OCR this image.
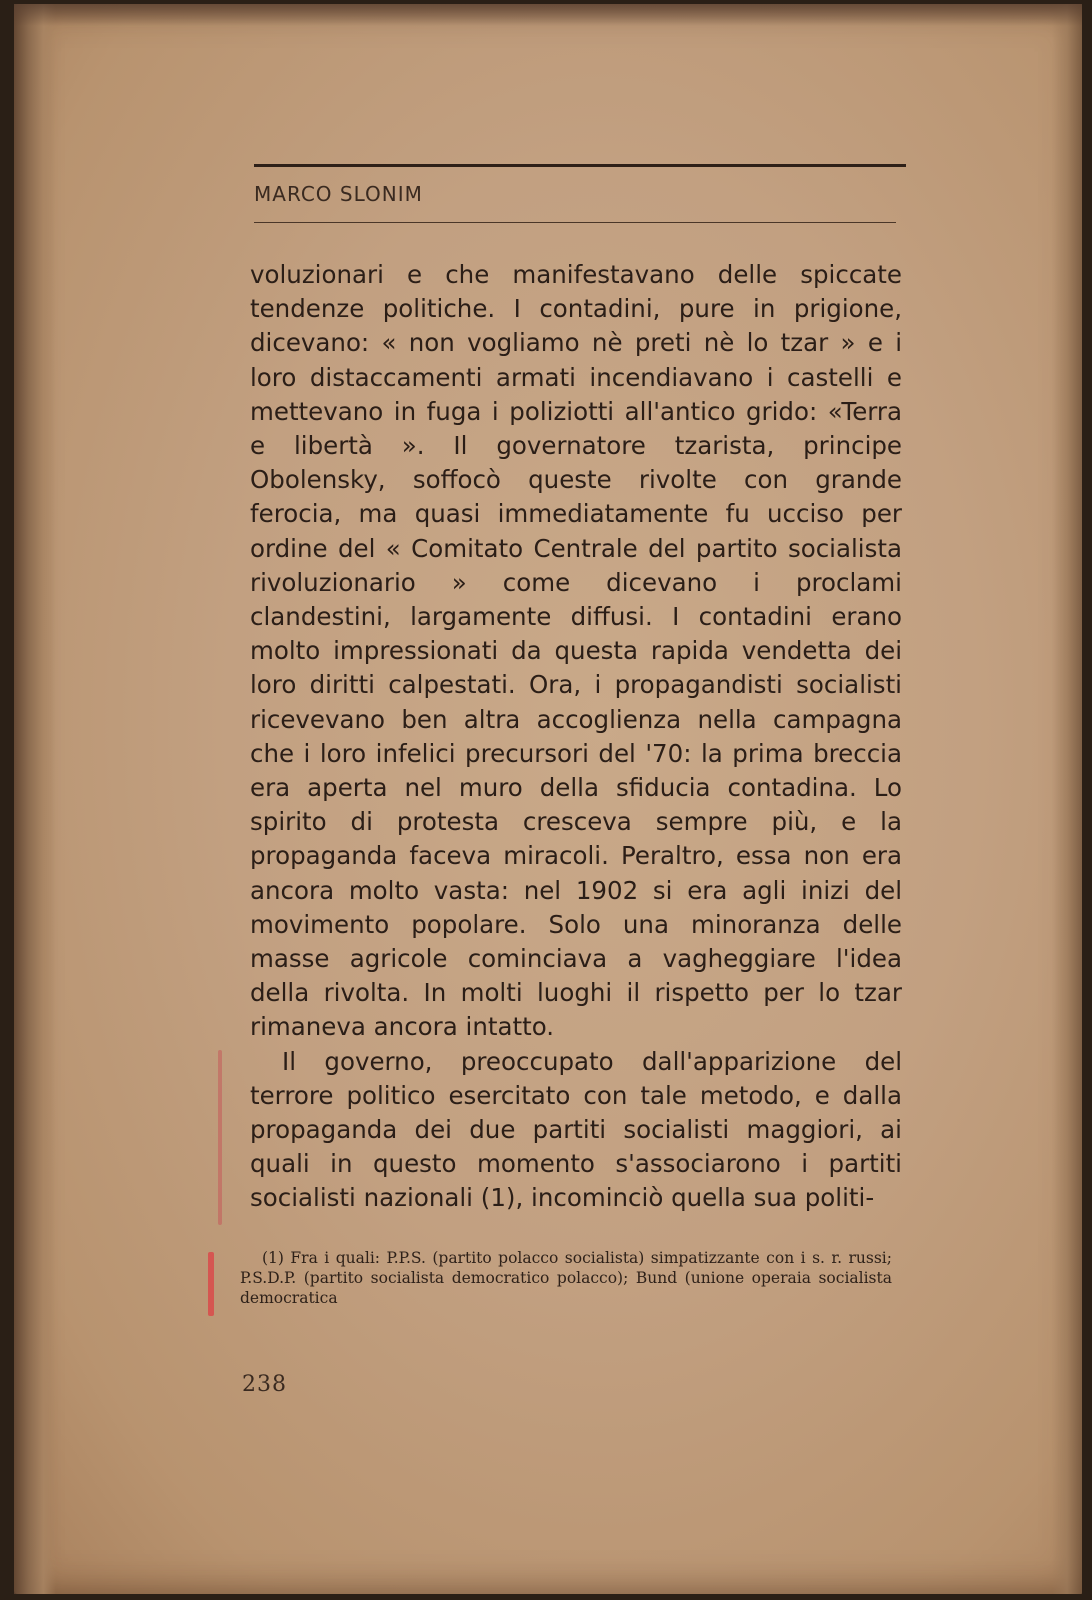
MARCO SLONIM

voluzionari e che manifestavano delle spiccate tendenze politiche. I contadini, pure in prigione, dicevano: « non vogliamo nè preti nè lo tzar » e i loro distaccamenti armati incendiavano i castelli e mettevano in fuga i poliziotti all'antico grido: «Terra e libertà ». Il governatore tzarista, principe Obolensky, soffocò queste rivolte con grande ferocia, ma quasi immediatamente fu ucciso per ordine del « Comitato Centrale del partito socialista rivoluzionario » come dicevano i proclami clandestini, largamente diffusi. I contadini erano molto impressionati da questa rapida vendetta dei loro diritti calpestati. Ora, i propagandisti socialisti ricevevano ben altra accoglienza nella campagna che i loro infelici precursori del '70: la prima breccia era aperta nel muro della sfiducia contadina. Lo spirito di protesta cresceva sempre più, e la propaganda faceva miracoli. Peraltro, essa non era ancora molto vasta: nel 1902 si era agli inizi del movimento popolare. Solo una minoranza delle masse agricole cominciava a vagheggiare l'idea della rivolta. In molti luoghi il rispetto per lo tzar rimaneva ancora intatto.

Il governo, preoccupato dall'apparizione del terrore politico esercitato con tale metodo, e dalla propaganda dei due partiti socialisti maggiori, ai quali in questo momento s'associarono i partiti socialisti nazionali (1), incominciò quella sua politi-

(1) Fra i quali: P.P.S. (partito polacco socialista) simpatizzante con i s. r. russi; P.S.D.P. (partito socialista democratico polacco); Bund (unione operaia socialista democratica

238
